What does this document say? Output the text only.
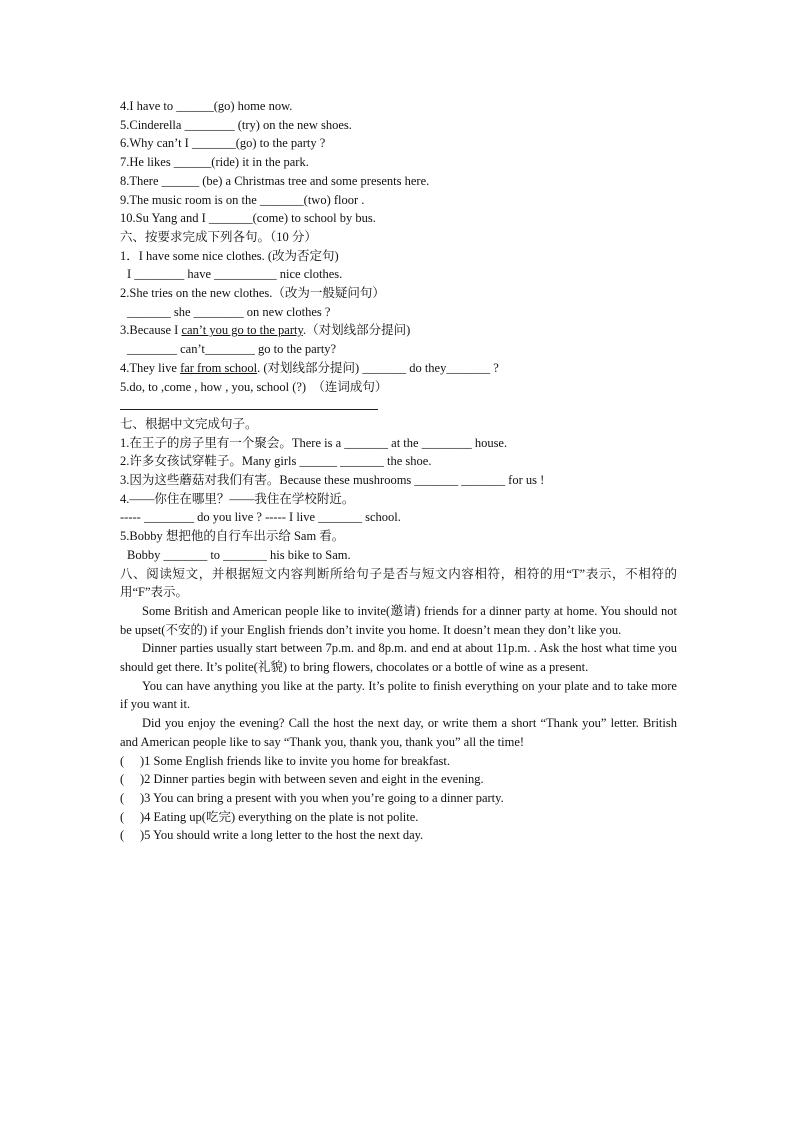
4.I have to ______(go) home now.
5.Cinderella ________ (try) on the new shoes.
6.Why can’t I _______(go) to the party ?
7.He likes ______(ride) it in the park.
8.There ______ (be) a Christmas tree and some presents here.
9.The music room is on the _______(two) floor .
10.Su Yang and I _______(come) to school by bus.
六、按要求完成下列各句。（10 分）
1．I have some nice clothes. (改为否定句)
I ________ have __________ nice clothes.
2.She tries on the new clothes.（改为一般疑问句）
_______ she ________ on new clothes ?
3.Because I can’t you go to the party.（对划线部分提问)
________ can’t________ go to the party?
4.They live far from school. (对划线部分提问) _______ do they_______ ?
5.do, to ,come , how , you, school (?)  （连词成句）
七、根据中文完成句子。
1.在王子的房子里有一个聚会。There is a _______ at the ________ house.
2.许多女孩试穿鞋子。Many girls ______ _______ the shoe.
3.因为这些蘑菇对我们有害。Because these mushrooms _______ _______ for us !
4.——你住在哪里？——我住在学校附近。
----- ________ do you live ? ----- I live _______ school.
5.Bobby 想把他的自行车出示给 Sam 看。
Bobby _______ to _______ his bike to Sam.
八、阅读短文，并根据短文内容判断所给句子是否与短文内容相符，相符的用“T”表示，不相符的用“F”表示。
Some British and American people like to invite(邀请) friends for a dinner party at home. You should not be upset(不安的) if your English friends don’t invite you home. It doesn’t mean they don’t like you.
Dinner parties usually start between 7p.m. and 8p.m. and end at about 11p.m. . Ask the host what time you should get there. It’s polite(礼貌) to bring flowers, chocolates or a bottle of wine as a present.
You can have anything you like at the party. It’s polite to finish everything on your plate and to take more if you want it.
Did you enjoy the evening? Call the host the next day, or write them a short “Thank you” letter. British and American people like to say “Thank you, thank you, thank you” all the time!
(	)1 Some English friends like to invite you home for breakfast.
(	)2 Dinner parties begin with between seven and eight in the evening.
(	)3 You can bring a present with you when you’re going to a dinner party.
(	)4 Eating up(吃完) everything on the plate is not polite.
(	)5 You should write a long letter to the host the next day.
